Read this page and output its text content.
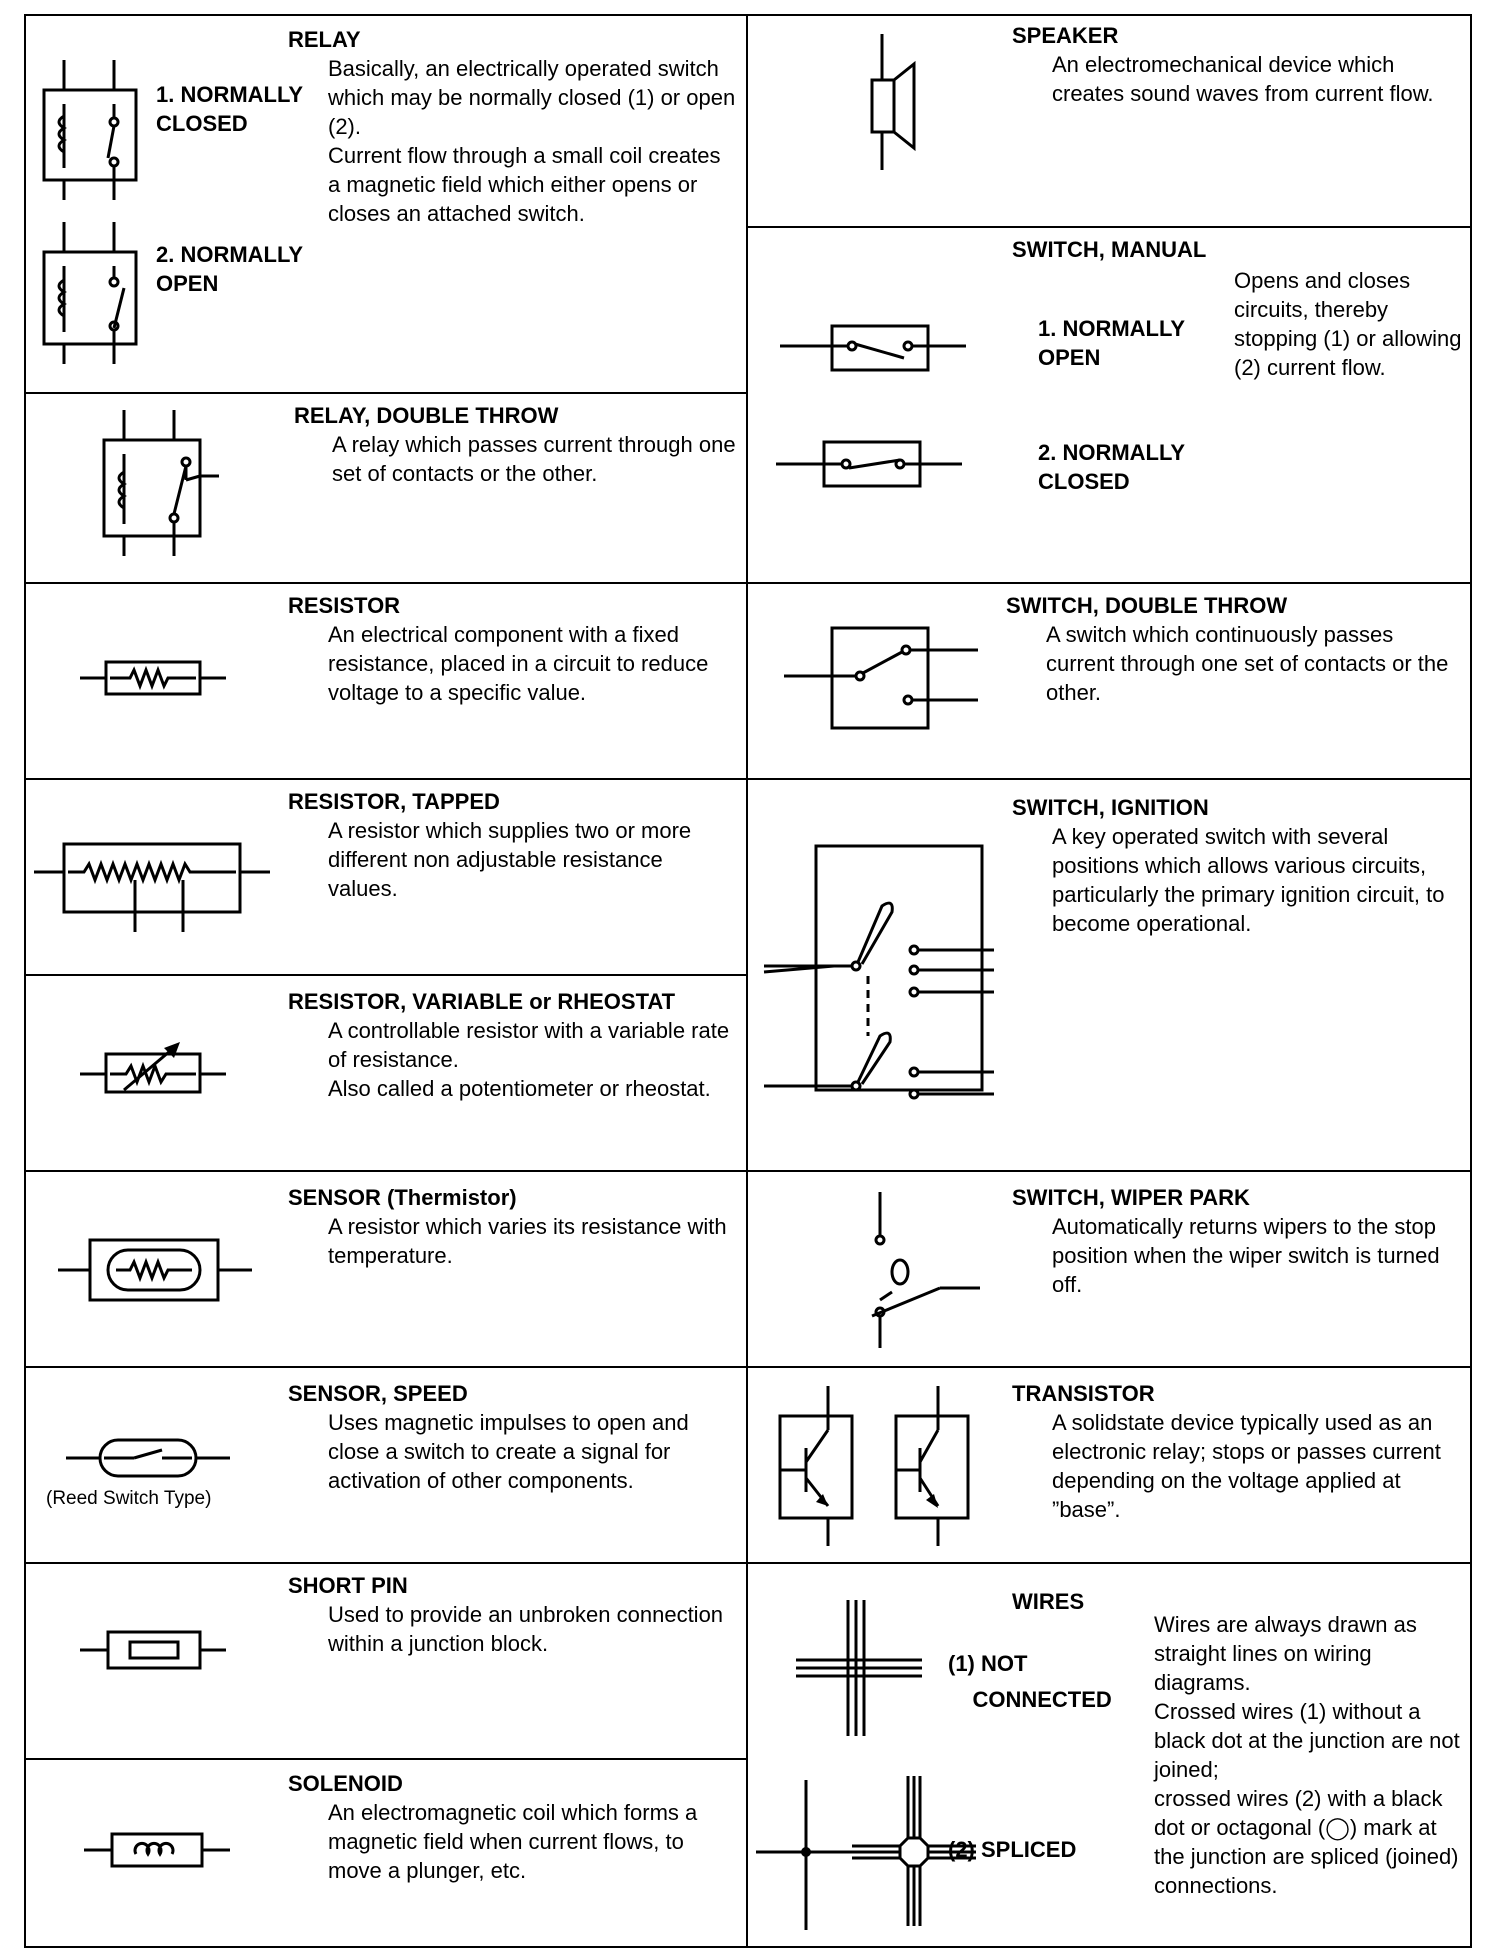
RELAY
1. NORMALLY
CLOSED
2. NORMALLY
OPEN
Basically, an electrically operated switch which may be normally closed (1) or open (2).
Current flow through a small coil creates a magnetic field which either opens or closes an attached switch.
RELAY, DOUBLE THROW
A relay which passes current through one set of contacts or the other.
RESISTOR
An electrical component with a fixed resistance, placed in a circuit to reduce voltage to a specific value.
RESISTOR, TAPPED
A resistor which supplies two or more different non adjustable resistance values.
RESISTOR, VARIABLE or RHEOSTAT
A controllable resistor with a variable rate of resistance.
Also called a potentiometer or rheostat.
SENSOR (Thermistor)
A resistor which varies its resistance with temperature.
SENSOR, SPEED
Uses magnetic impulses to open and close a switch to create a signal for activation of other components.
(Reed Switch Type)
SHORT PIN
Used to provide an unbroken connection within a junction block.
SOLENOID
An electromagnetic coil which forms a magnetic field when current flows, to move a plunger, etc.
SPEAKER
An electromechanical device which creates sound waves from current flow.
SWITCH, MANUAL
1. NORMALLY
OPEN
2. NORMALLY
CLOSED
Opens and closes circuits, thereby stopping (1) or allowing (2) current flow.
SWITCH, DOUBLE THROW
A switch which continuously passes current through one set of contacts or the other.
SWITCH, IGNITION
A key operated switch with several positions which allows various circuits, particularly the primary ignition circuit, to become operational.
SWITCH, WIPER PARK
Automatically returns wipers to the stop position when the wiper switch is turned off.
TRANSISTOR
A solidstate device typically used as an electronic relay; stops or passes current depending on the voltage applied at ”base”.
WIRES
(1) NOT
CONNECTED
(2) SPLICED
Wires are always drawn as straight lines on wiring diagrams.
Crossed wires (1) without a black dot at the junction are not joined;
crossed wires (2) with a black dot or octagonal (◯) mark at the junction are spliced (joined) connections.
